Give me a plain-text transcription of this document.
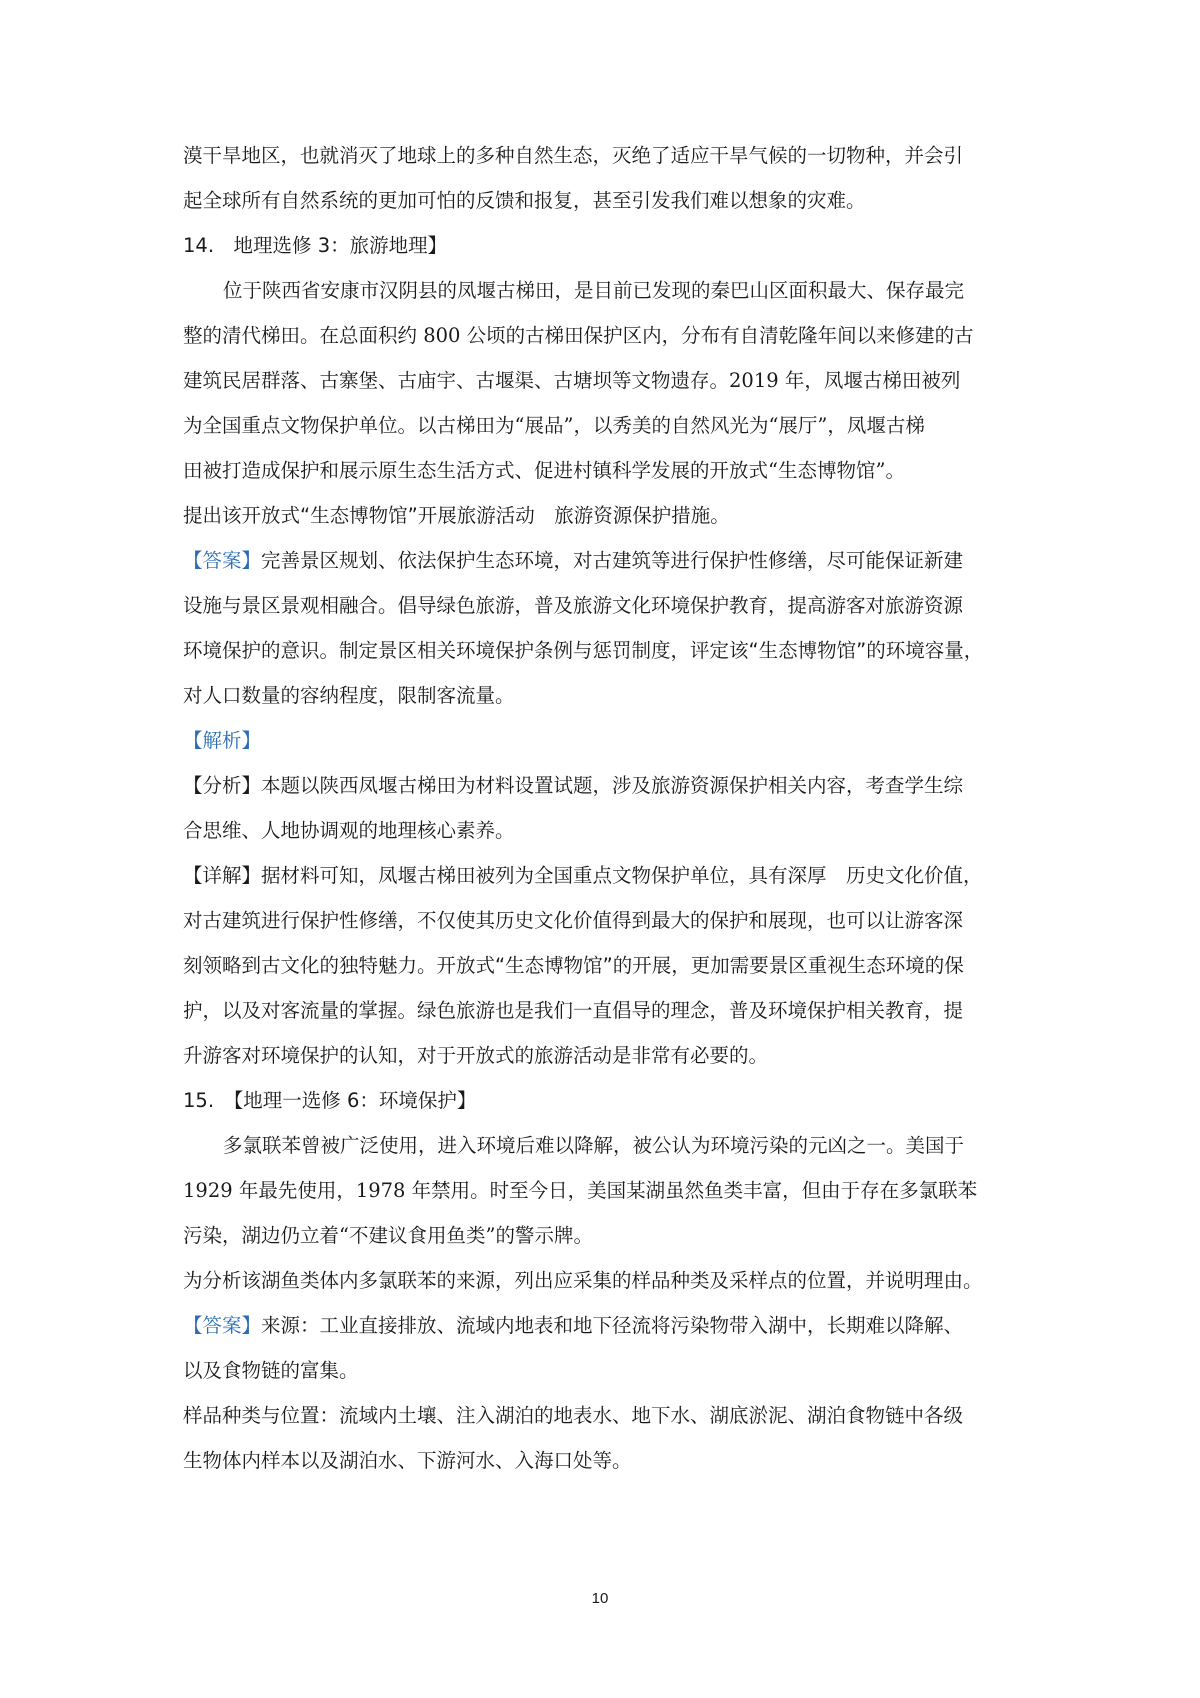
漠干旱地区，也就消灭了地球上的多种自然生态，灭绝了适应干旱气候的一切物种，并会引
起全球所有自然系统的更加可怕的反馈和报复，甚至引发我们难以想象的灾难。
14.　地理选修 3：旅游地理】
位于陕西省安康市汉阴县的凤堰古梯田，是目前已发现的秦巴山区面积最大、保存最完
整的清代梯田。在总面积约 800 公顷的古梯田保护区内，分布有自清乾隆年间以来修建的古
建筑民居群落、古寨堡、古庙宇、古堰渠、古塘坝等文物遗存。2019 年，凤堰古梯田被列
为全国重点文物保护单位。以古梯田为“展品”，以秀美的自然风光为“展厅”，凤堰古梯
田被打造成保护和展示原生态生活方式、促进村镇科学发展的开放式“生态博物馆”。
提出该开放式“生态博物馆”开展旅游活动　旅游资源保护措施。
【答案】完善景区规划、依法保护生态环境，对古建筑等进行保护性修缮，尽可能保证新建
设施与景区景观相融合。倡导绿色旅游，普及旅游文化环境保护教育，提高游客对旅游资源
环境保护的意识。制定景区相关环境保护条例与惩罚制度，评定该“生态博物馆”的环境容量，
对人口数量的容纳程度，限制客流量。
【解析】
【分析】本题以陕西凤堰古梯田为材料设置试题，涉及旅游资源保护相关内容，考查学生综
合思维、人地协调观的地理核心素养。
【详解】据材料可知，凤堰古梯田被列为全国重点文物保护单位，具有深厚　历史文化价值，
对古建筑进行保护性修缮，不仅使其历史文化价值得到最大的保护和展现，也可以让游客深
刻领略到古文化的独特魅力。开放式“生态博物馆”的开展，更加需要景区重视生态环境的保
护，以及对客流量的掌握。绿色旅游也是我们一直倡导的理念，普及环境保护相关教育，提
升游客对环境保护的认知，对于开放式的旅游活动是非常有必要的。
15.　【地理一选修 6：环境保护】
多氯联苯曾被广泛使用，进入环境后难以降解，被公认为环境污染的元凶之一。美国于
1929 年最先使用，1978 年禁用。时至今日，美国某湖虽然鱼类丰富，但由于存在多氯联苯
污染，湖边仍立着“不建议食用鱼类”的警示牌。
为分析该湖鱼类体内多氯联苯的来源，列出应采集的样品种类及采样点的位置，并说明理由。
【答案】来源：工业直接排放、流域内地表和地下径流将污染物带入湖中，长期难以降解、
以及食物链的富集。
样品种类与位置：流域内土壤、注入湖泊的地表水、地下水、湖底淤泥、湖泊食物链中各级
生物体内样本以及湖泊水、下游河水、入海口处等。
10
